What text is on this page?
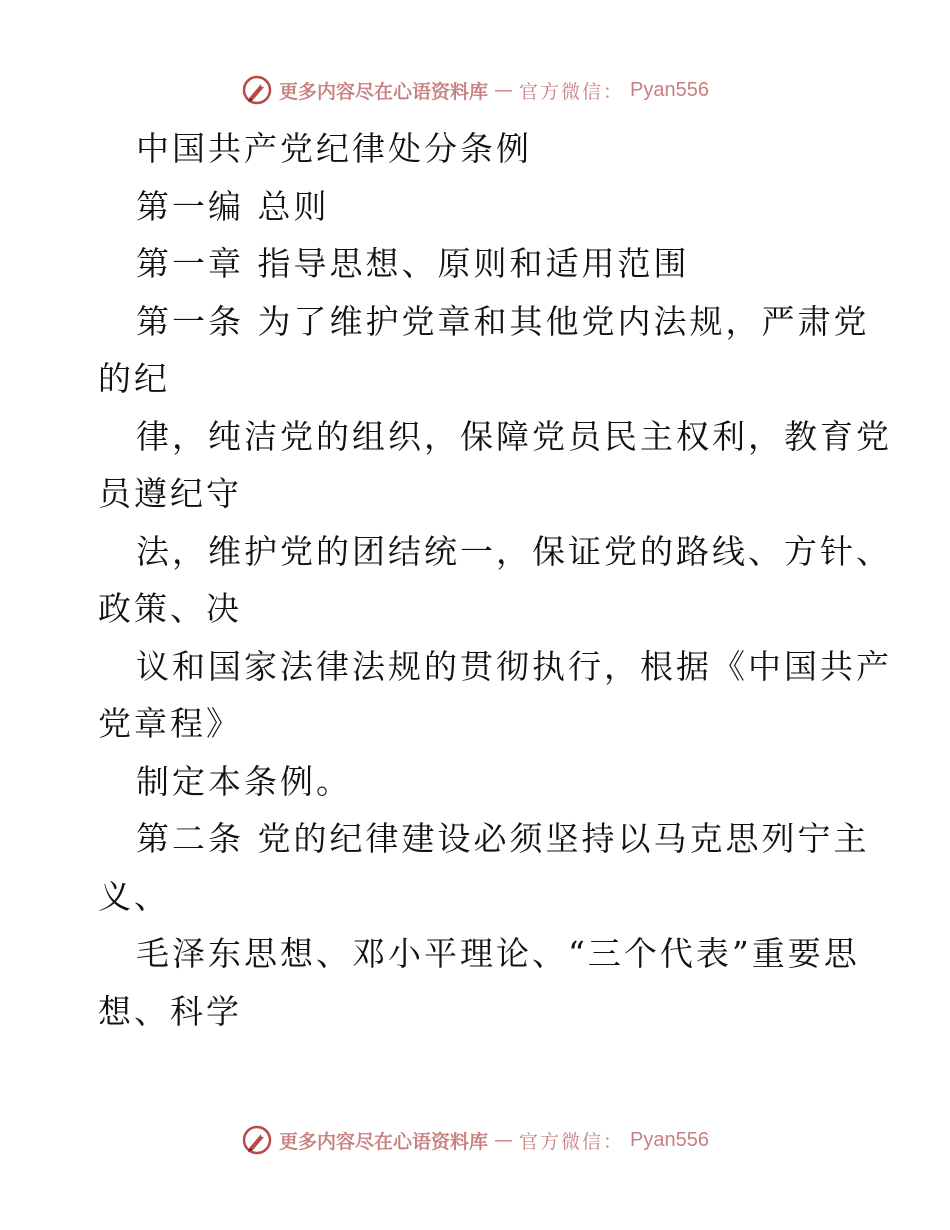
更多内容尽在心语资料库 — 官方微信： Pyan556
中国共产党纪律处分条例
第一编 总则
第一章 指导思想、原则和适用范围
第一条 为了维护党章和其他党内法规，严肃党
的纪
律，纯洁党的组织，保障党员民主权利，教育党
员遵纪守
法，维护党的团结统一，保证党的路线、方针、
政策、决
议和国家法律法规的贯彻执行，根据《中国共产
党章程》
制定本条例。
第二条 党的纪律建设必须坚持以马克思列宁主
义、
毛泽东思想、邓小平理论、“三个代表”重要思
想、科学
更多内容尽在心语资料库 — 官方微信： Pyan556
